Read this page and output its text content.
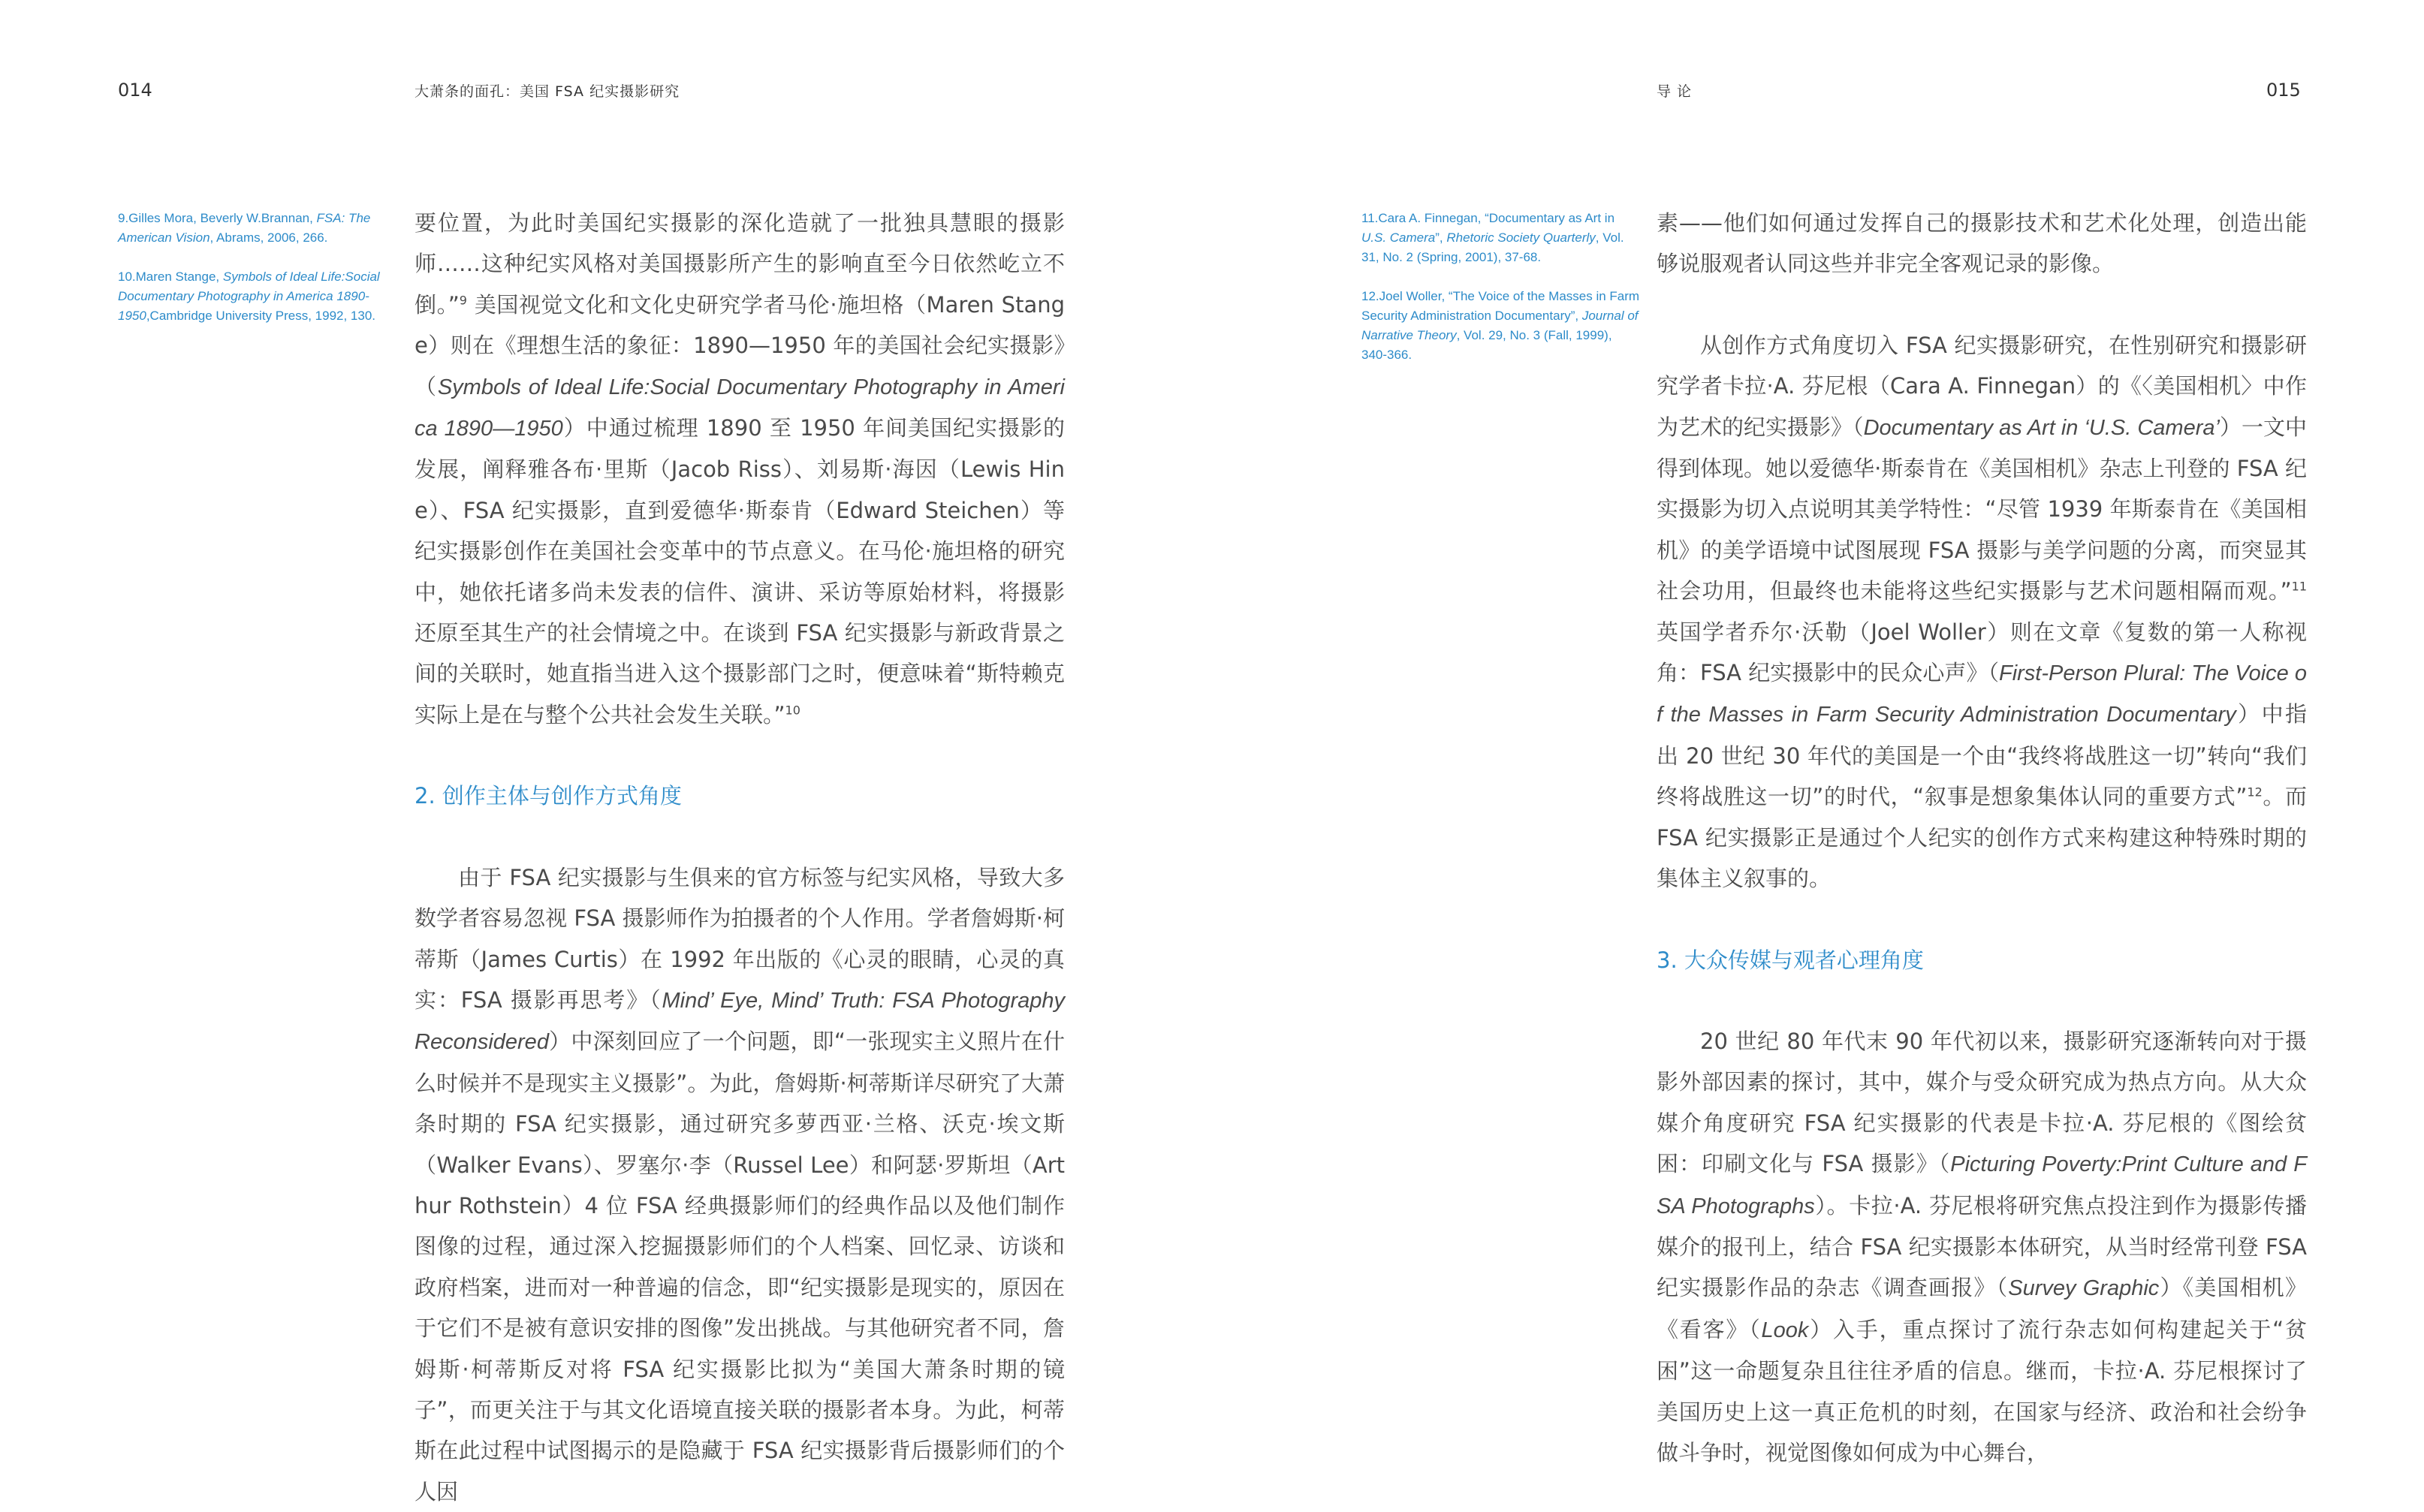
014	大萧条的面孔：美国 FSA 纪实摄影研究
9.Gilles Mora, Beverly W.Brannan, FSA: The American Vision, Abrams, 2006, 266.
10.Maren Stange, Symbols of Ideal Life:Social Documentary Photography in America 1890-1950,Cambridge University Press, 1992, 130.

要位置，为此时美国纪实摄影的深化造就了一批独具慧眼的摄影师……这种纪实风格对美国摄影所产生的影响直至今日依然屹立不倒。”$^9$ 美国视觉文化和文化史研究学者马伦·施坦格（Maren Stange）则在《理想生活的象征：1890—1950 年的美国社会纪实摄影》（Symbols of Ideal Life:Social Documentary Photography in America 1890—1950）中通过梳理 1890 至 1950 年间美国纪实摄影的发展，阐释雅各布·里斯（Jacob Riss）、刘易斯·海因（Lewis Hine）、FSA 纪实摄影，直到爱德华·斯泰肯（Edward Steichen）等纪实摄影创作在美国社会变革中的节点意义。在马伦·施坦格的研究中，她依托诸多尚未发表的信件、演讲、采访等原始材料，将摄影还原至其生产的社会情境之中。在谈到 FSA 纪实摄影与新政背景之间的关联时，她直指当进入这个摄影部门之时，便意味着“斯特赖克实际上是在与整个公共社会发生关联。”$^{10}$

2. 创作主体与创作方式角度

由于 FSA 纪实摄影与生俱来的官方标签与纪实风格，导致大多数学者容易忽视 FSA 摄影师作为拍摄者的个人作用。学者詹姆斯·柯蒂斯（James Curtis）在 1992 年出版的《心灵的眼睛，心灵的真实：FSA 摄影再思考》（Mind’ Eye, Mind’ Truth: FSA Photography Reconsidered）中深刻回应了一个问题，即“一张现实主义照片在什么时候并不是现实主义摄影”。为此，詹姆斯·柯蒂斯详尽研究了大萧条时期的 FSA 纪实摄影，通过研究多萝西亚·兰格、沃克·埃文斯（Walker Evans）、罗塞尔·李（Russel Lee）和阿瑟·罗斯坦（Arthur Rothstein）4 位 FSA 经典摄影师们的经典作品以及他们制作图像的过程，通过深入挖掘摄影师们的个人档案、回忆录、访谈和政府档案，进而对一种普遍的信念，即“纪实摄影是现实的，原因在于它们不是被有意识安排的图像”发出挑战。与其他研究者不同，詹姆斯·柯蒂斯反对将 FSA 纪实摄影比拟为“美国大萧条时期的镜子”，而更关注于与其文化语境直接关联的摄影者本身。为此，柯蒂斯在此过程中试图揭示的是隐藏于 FSA 纪实摄影背后摄影师们的个人因

导 论	015
11.Cara A. Finnegan, “Documentary as Art in U.S. Camera”, Rhetoric Society Quarterly, Vol. 31, No. 2 (Spring, 2001), 37-68.
12.Joel Woller, “The Voice of the Masses in Farm Security Administration Documentary”, Journal of Narrative Theory, Vol. 29, No. 3 (Fall, 1999), 340-366.

素——他们如何通过发挥自己的摄影技术和艺术化处理，创造出能够说服观者认同这些并非完全客观记录的影像。

从创作方式角度切入 FSA 纪实摄影研究，在性别研究和摄影研究学者卡拉·A. 芬尼根（Cara A. Finnegan）的《〈美国相机〉中作为艺术的纪实摄影》（Documentary as Art in ‘U.S. Camera’）一文中得到体现。她以爱德华·斯泰肯在《美国相机》杂志上刊登的 FSA 纪实摄影为切入点说明其美学特性：“尽管 1939 年斯泰肯在《美国相机》的美学语境中试图展现 FSA 摄影与美学问题的分离，而突显其社会功用，但最终也未能将这些纪实摄影与艺术问题相隔而观。”$^{11}$ 英国学者乔尔·沃勒（Joel Woller）则在文章《复数的第一人称视角：FSA 纪实摄影中的民众心声》（First-Person Plural: The Voice of the Masses in Farm Security Administration Documentary）中指出 20 世纪 30 年代的美国是一个由“我终将战胜这一切”转向“我们终将战胜这一切”的时代，“叙事是想象集体认同的重要方式”$^{12}$。而 FSA 纪实摄影正是通过个人纪实的创作方式来构建这种特殊时期的集体主义叙事的。

3. 大众传媒与观者心理角度

20 世纪 80 年代末 90 年代初以来，摄影研究逐渐转向对于摄影外部因素的探讨，其中，媒介与受众研究成为热点方向。从大众媒介角度研究 FSA 纪实摄影的代表是卡拉·A. 芬尼根的《图绘贫困：印刷文化与 FSA 摄影》（Picturing Poverty:Print Culture and FSA Photographs）。卡拉·A. 芬尼根将研究焦点投注到作为摄影传播媒介的报刊上，结合 FSA 纪实摄影本体研究，从当时经常刊登 FSA 纪实摄影作品的杂志《调查画报》（Survey Graphic）《美国相机》《看客》（Look）入手，重点探讨了流行杂志如何构建起关于“贫困”这一命题复杂且往往矛盾的信息。继而，卡拉·A. 芬尼根探讨了美国历史上这一真正危机的时刻，在国家与经济、政治和社会纷争做斗争时，视觉图像如何成为中心舞台，
